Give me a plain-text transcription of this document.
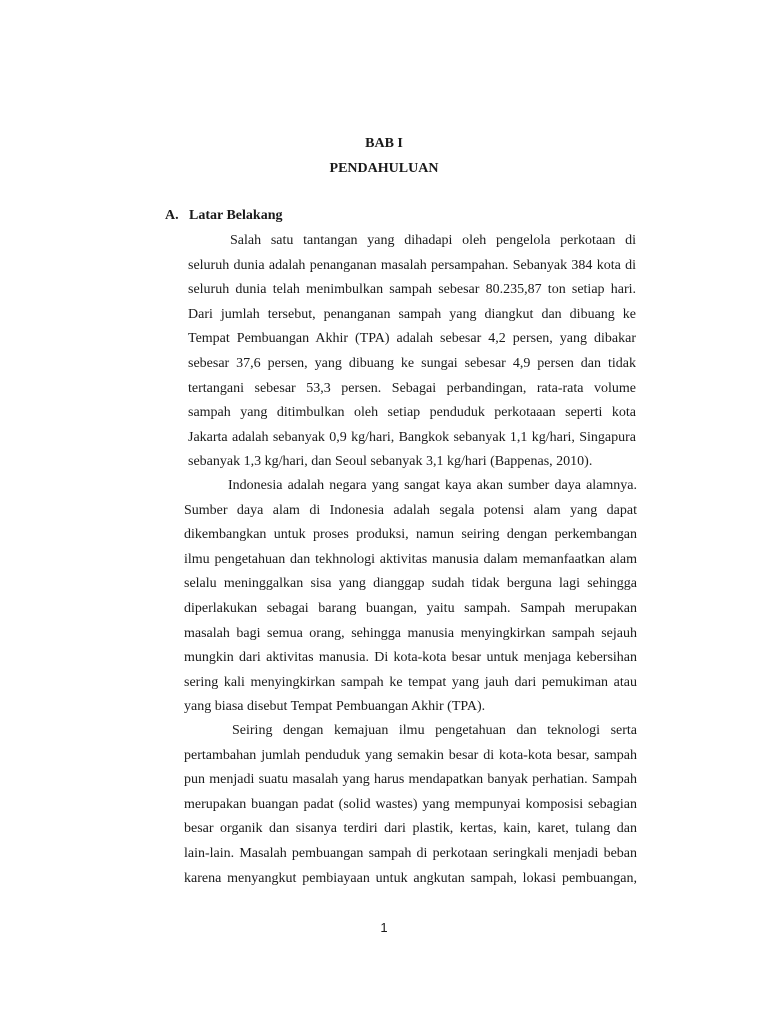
BAB I
PENDAHULUAN
A. Latar Belakang
Salah satu tantangan yang dihadapi oleh pengelola perkotaan di
seluruh dunia adalah penanganan masalah persampahan. Sebanyak 384 kota di
seluruh dunia telah menimbulkan sampah sebesar 80.235,87 ton setiap hari.
Dari jumlah tersebut, penanganan sampah yang diangkut dan dibuang ke
Tempat Pembuangan Akhir (TPA) adalah sebesar 4,2 persen, yang dibakar
sebesar 37,6 persen, yang dibuang ke sungai sebesar 4,9 persen dan tidak
tertangani sebesar 53,3 persen. Sebagai perbandingan, rata-rata volume
sampah yang ditimbulkan oleh setiap penduduk perkotaaan seperti kota
Jakarta adalah sebanyak 0,9 kg/hari, Bangkok sebanyak 1,1 kg/hari, Singapura
sebanyak 1,3 kg/hari, dan Seoul sebanyak 3,1 kg/hari (Bappenas, 2010).
Indonesia adalah negara yang sangat kaya akan sumber daya alamnya.
Sumber daya alam di Indonesia adalah segala potensi alam yang dapat
dikembangkan untuk proses produksi, namun seiring dengan perkembangan
ilmu pengetahuan dan tekhnologi aktivitas manusia dalam memanfaatkan alam
selalu meninggalkan sisa yang dianggap sudah tidak berguna lagi sehingga
diperlakukan sebagai barang buangan, yaitu sampah. Sampah merupakan
masalah bagi semua orang, sehingga manusia menyingkirkan sampah sejauh
mungkin dari aktivitas manusia. Di kota-kota besar untuk menjaga kebersihan
sering kali menyingkirkan sampah ke tempat yang jauh dari pemukiman atau
yang biasa disebut Tempat Pembuangan Akhir (TPA).
Seiring dengan kemajuan ilmu pengetahuan dan teknologi serta
pertambahan jumlah penduduk yang semakin besar di kota-kota besar, sampah
pun menjadi suatu masalah yang harus mendapatkan banyak perhatian. Sampah
merupakan buangan padat (solid wastes) yang mempunyai komposisi sebagian
besar organik dan sisanya terdiri dari plastik, kertas, kain, karet, tulang dan
lain-lain. Masalah pembuangan sampah di perkotaan seringkali menjadi beban
karena menyangkut pembiayaan untuk angkutan sampah, lokasi pembuangan,
1
